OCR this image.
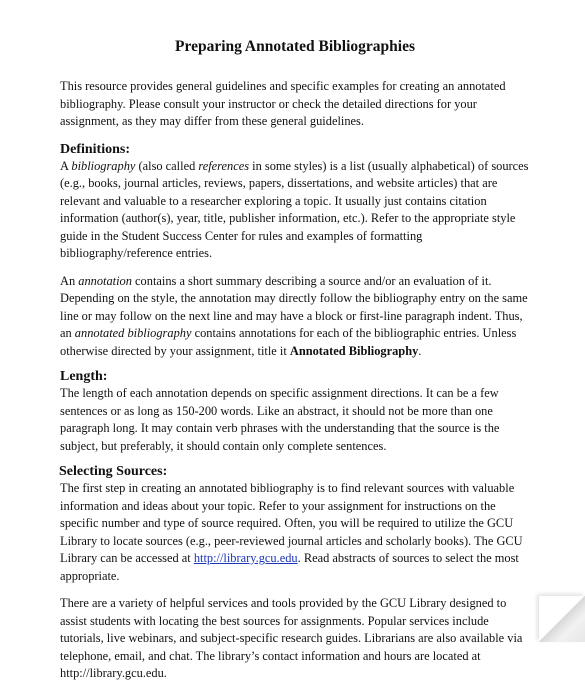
Preparing Annotated Bibliographies

This resource provides general guidelines and specific examples for creating an annotated bibliography. Please consult your instructor or check the detailed directions for your assignment, as they may differ from these general guidelines.

Definitions:

A bibliography (also called references in some styles) is a list (usually alphabetical) of sources (e.g., books, journal articles, reviews, papers, dissertations, and website articles) that are relevant and valuable to a researcher exploring a topic. It usually just contains citation information (author(s), year, title, publisher information, etc.). Refer to the appropriate style guide in the Student Success Center for rules and examples of formatting bibliography/reference entries.

An annotation contains a short summary describing a source and/or an evaluation of it. Depending on the style, the annotation may directly follow the bibliography entry on the same line or may follow on the next line and may have a block or first-line paragraph indent. Thus, an annotated bibliography contains annotations for each of the bibliographic entries. Unless otherwise directed by your assignment, title it Annotated Bibliography.

Length:

The length of each annotation depends on specific assignment directions. It can be a few sentences or as long as 150-200 words. Like an abstract, it should not be more than one paragraph long. It may contain verb phrases with the understanding that the source is the subject, but preferably, it should contain only complete sentences.

Selecting Sources:

The first step in creating an annotated bibliography is to find relevant sources with valuable information and ideas about your topic. Refer to your assignment for instructions on the specific number and type of source required. Often, you will be required to utilize the GCU Library to locate sources (e.g., peer-reviewed journal articles and scholarly books). The GCU Library can be accessed at http://library.gcu.edu. Read abstracts of sources to select the most appropriate.

There are a variety of helpful services and tools provided by the GCU Library designed to assist students with locating the best sources for assignments. Popular services include tutorials, live webinars, and subject-specific research guides. Librarians are also available via telephone, email, and chat. The library’s contact information and hours are located at http://library.gcu.edu.
